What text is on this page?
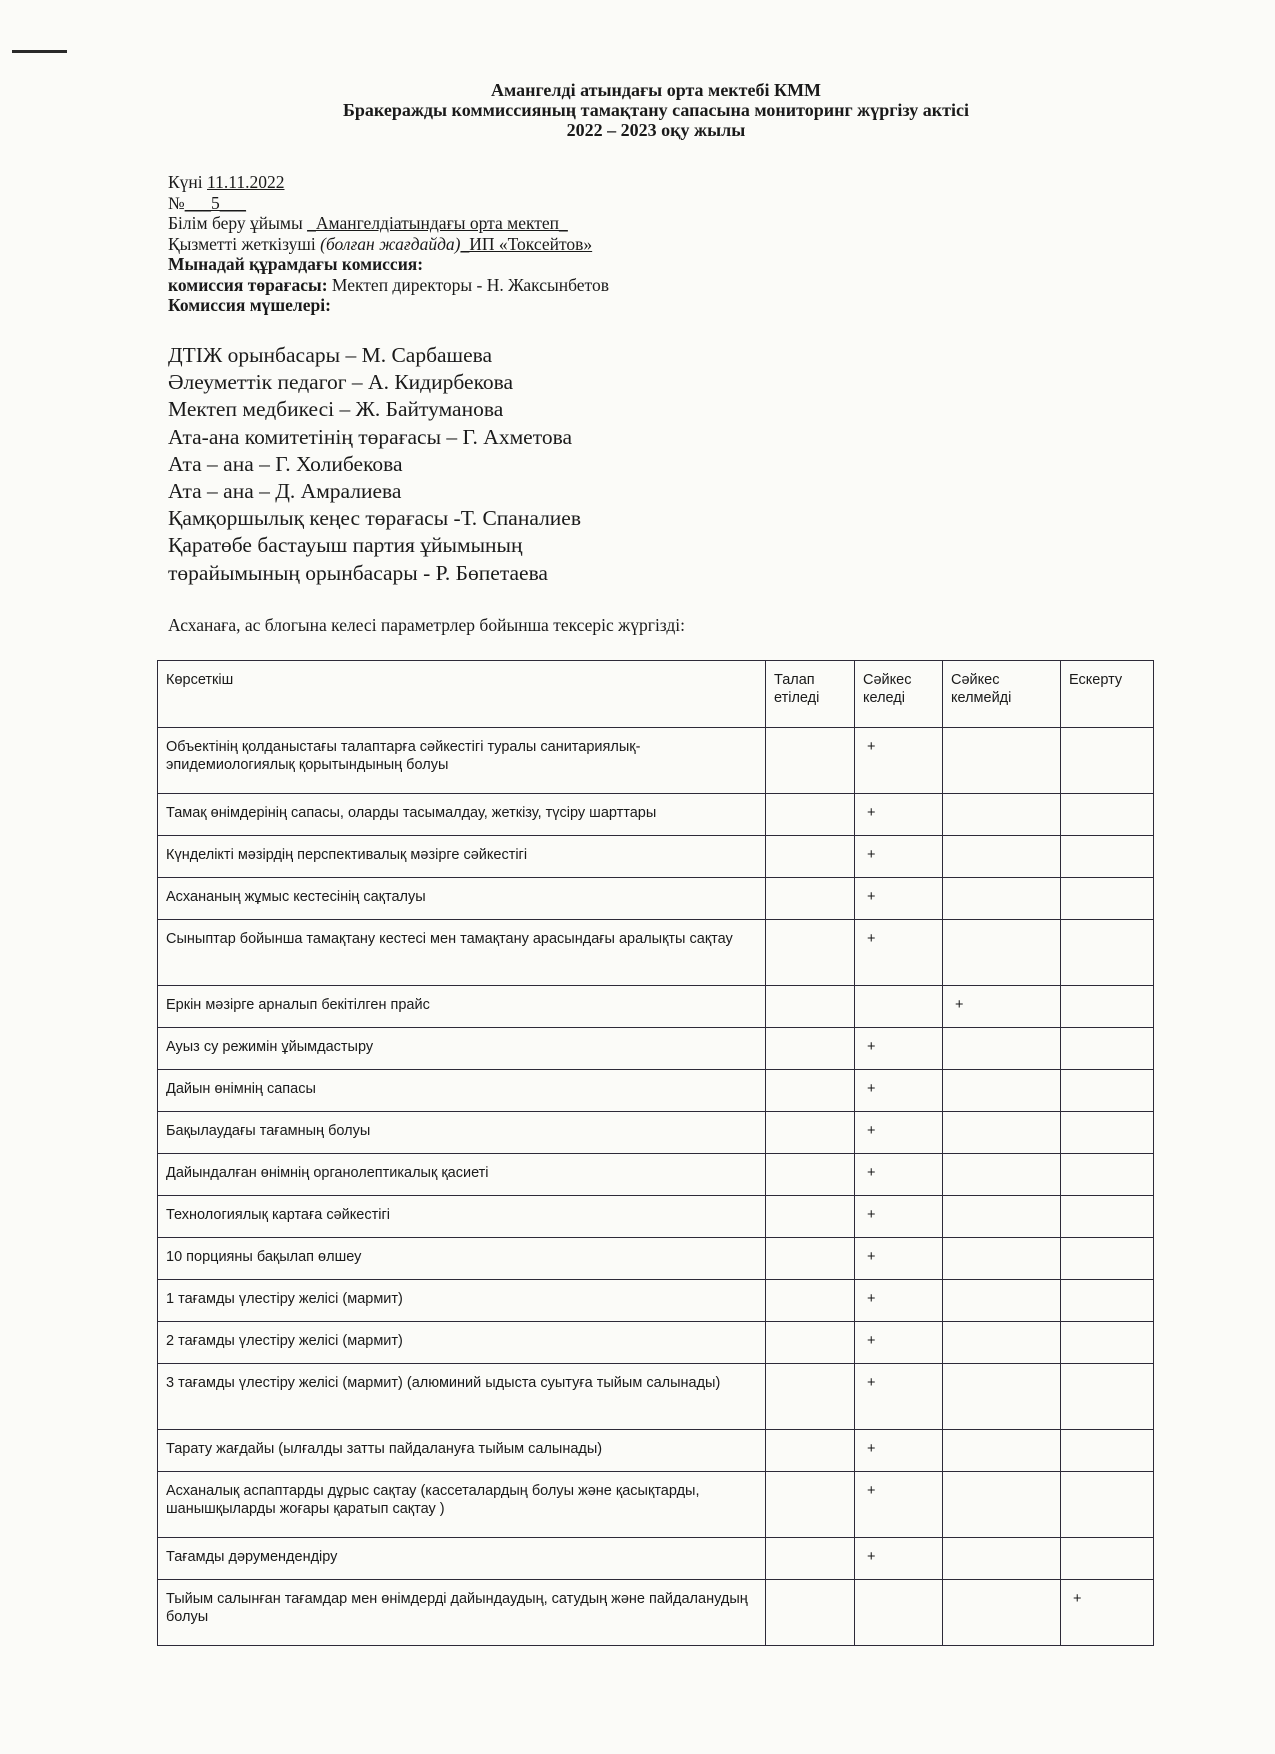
Амангелді атындағы орта мектебі КММ
Бракеражды коммиссияның тамақтану сапасына мониторинг жүргізу актісі
2022 – 2023 оқу жылы
Күні 11.11.2022
№___5___
Білім беру ұйымы _Амангелдіатындағы орта мектеп_
Қызметті жеткізуші (болған жағдайда)_ИП «Токсейтов»
Мынадай құрамдағы комиссия:
комиссия төрағасы: Мектеп директоры - Н. Жаксынбетов
Комиссия мүшелері:
ДТІЖ орынбасары – М. Сарбашева
Әлеуметтік педагог – А. Кидирбекова
Мектеп медбикесі – Ж. Байтуманова
Ата-ана комитетінің төрағасы – Г. Ахметова
Ата – ана – Г. Холибекова
Ата – ана – Д. Амралиева
Қамқоршылық кеңес төрағасы -Т. Спаналиев
Қаратөбе бастауыш партия ұйымының
төрайымының орынбасары - Р. Бөпетаева
Асханаға, ас блогына келесі параметрлер бойынша тексеріс жүргізді:
Көрсеткіш	Талап етіледі	Сәйкес келеді	Сәйкес келмейді	Ескерту
Объектінің қолданыстағы талаптарға сәйкестігі туралы санитариялық-эпидемиологиялық қорытындының болуы		+		
Тамақ өнімдерінің сапасы, оларды тасымалдау, жеткізу, түсіру шарттары		+		
Күнделікті мәзірдің перспективалық мәзірге сәйкестігі		+		
Асхананың жұмыс кестесінің сақталуы		+		
Сыныптар бойынша тамақтану кестесі мен тамақтану арасындағы аралықты сақтау		+		
Еркін мәзірге арналып бекітілген прайс			+	
Ауыз су режимін ұйымдастыру		+		
Дайын өнімнің сапасы		+		
Бақылаудағы тағамның болуы		+		
Дайындалған өнімнің органолептикалық қасиеті		+		
Технологиялық картаға сәйкестігі		+		
10 порцияны бақылап өлшеу		+		
1 тағамды үлестіру желісі (мармит)		+		
2 тағамды үлестіру желісі (мармит)		+		
3 тағамды үлестіру желісі (мармит) (алюминий ыдыста суытуға тыйым салынады)		+		
Тарату жағдайы (ылғалды затты пайдалануға тыйым салынады)		+		
Асханалық аспаптарды дұрыс сақтау (кассеталардың болуы және қасықтарды, шанышқыларды жоғары қаратып сақтау )		+		
Тағамды дәрумендендіру		+		
Тыйым салынған тағамдар мен өнімдерді дайындаудың, сатудың және пайдаланудың болуы				+
